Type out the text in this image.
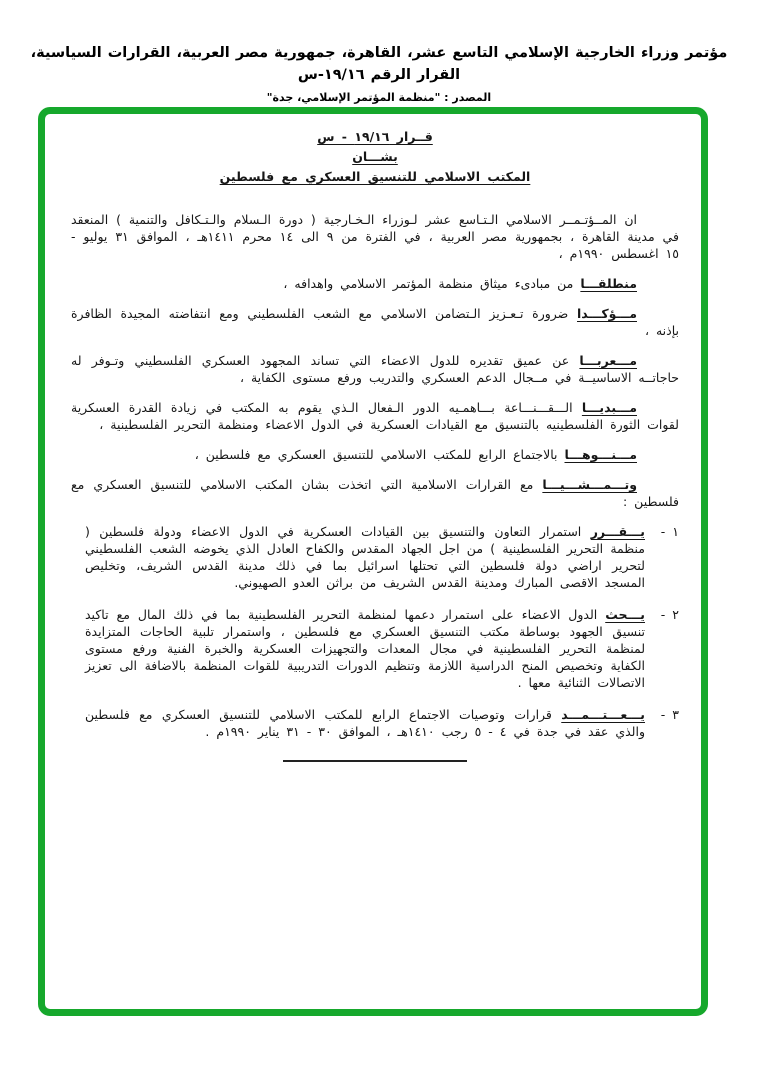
مؤتمر وزراء الخارجية الإسلامي التاسع عشر، القاهرة، جمهورية مصر العربية، القرارات السياسية، القرار الرقم ١٩/١٦-س
المصدر : "منظمة المؤتمر الإسلامي، جدة"
قــرار ١٩/١٦ - س
بشـــان
المكتب الاسلامي للتنسيق العسكري مع فلسطين

ان المــؤتـمــر الاسلامي الـتـاسع عشر لـوزراء الـخـارجية ( دورة الـسلام والـتـكافل والتنمية ) المنعقد في مدينة القاهرة ، بجمهورية مصر العربية ، في الفترة من ٩ الى ١٤ محرم ١٤١١هـ ، الموافق ٣١ يوليو - ١٥ اغسطس ١٩٩٠م ،

منطلقـــا من مبادىء ميثاق منظمة المؤتمر الاسلامي واهدافه ،

مـــؤكـــدا ضرورة تـعـزيز الـتضامن الاسلامي مع الشعب الفلسطيني ومع انتفاضته المجيدة الظافرة بإذنه ،

مـــعربـــا عن عميق تقديره للدول الاعضاء التي تساند المجهود العسكري الفلسطيني وتـوفر له حاجاتــه الاساسيــة في مــجال الدعم العسكري والتدريب ورفع مستوى الكفاية ،

مـــبديـــا الـــقـــنـــاعة بـــاهمـيه الدور الـفعال الـذي يقوم به المكتب في زيادة القدرة العسكرية لقوات الثورة الفلسطينيه بالتنسيق مع القيادات العسكرية في الدول الاعضاء ومنظمة التحرير الفلسطينية ،

مـــنـــوهـــا بالاجتماع الرابع للمكتب الاسلامي للتنسيق العسكري مع فلسطين ،

وتـــمـــشـــيـــا مع القرارات الاسلامية التي اتخذت بشان المكتب الاسلامي للتنسيق العسكري مع فلسطين :

١ -
يـــقـــرر استمرار التعاون والتنسيق بين القيادات العسكرية في الدول الاعضاء ودولة فلسطين ( منظمة التحرير الفلسطينية ) من اجل الجهاد المقدس والكفاح العادل الذي يخوضه الشعب الفلسطيني لتحرير اراضي دولة فلسطين التي تحتلها اسرائيل بما في ذلك مدينة القدس الشريف، وتخليص المسجد الاقصى المبارك ومدينة القدس الشريف من براثن العدو الصهيوني.
٢ -
يـــحث الدول الاعضاء على استمرار دعمها لمنظمة التحرير الفلسطينية بما في ذلك المال مع تاكيد تنسيق الجهود بوساطة مكتب التنسيق العسكري مع فلسطين ، واستمرار تلبية الحاجات المتزايدة لمنظمة التحرير الفلسطينية في مجال المعدات والتجهيزات العسكرية والخبرة الفنية ورفع مستوى الكفاية وتخصيص المنح الدراسية اللازمة وتنظيم الدورات التدريبية للقوات المنظمة بالاضافة الى تعزيز الاتصالات الثنائية معها .
٣ -
يـــعـــتـــمـــد قرارات وتوصيات الاجتماع الرابع للمكتب الاسلامي للتنسيق العسكري مع فلسطين والذي عقد في جدة في ٤ - ٥ رجب ١٤١٠هـ ، الموافق ٣٠ - ٣١ يناير ١٩٩٠م .
